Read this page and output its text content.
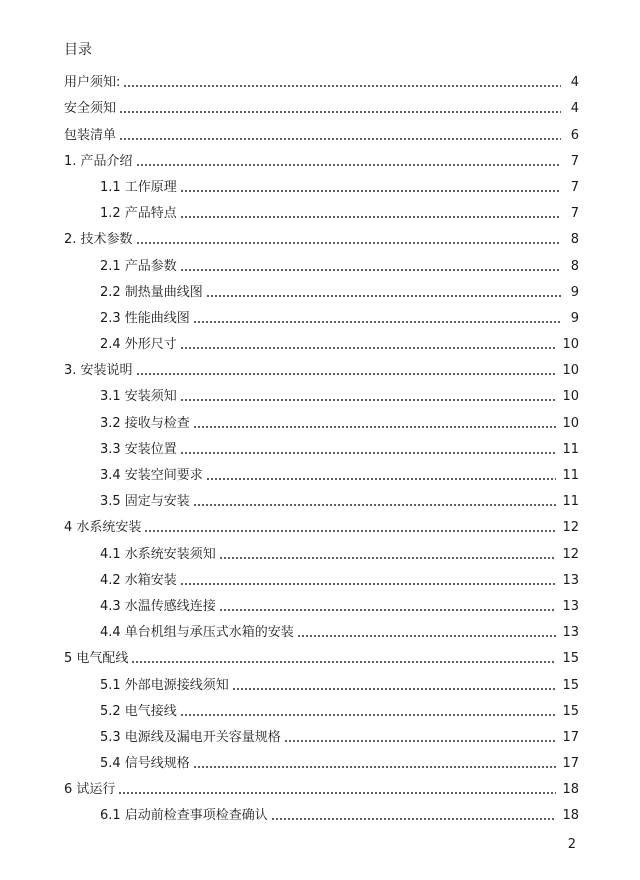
目录
用户须知:	4
安全须知	4
包装清单	6
1. 产品介绍	7
1.1 工作原理	7
1.2 产品特点	7
2. 技术参数	8
2.1 产品参数	8
2.2 制热量曲线图	9
2.3 性能曲线图	9
2.4 外形尺寸	10
3. 安装说明	10
3.1 安装须知	10
3.2 接收与检查	10
3.3 安装位置	11
3.4 安装空间要求	11
3.5 固定与安装	11
4 水系统安装	12
4.1 水系统安装须知	12
4.2 水箱安装	13
4.3 水温传感线连接	13
4.4 单台机组与承压式水箱的安装	13
5 电气配线	15
5.1 外部电源接线须知	15
5.2 电气接线	15
5.3 电源线及漏电开关容量规格	17
5.4 信号线规格	17
6 试运行	18
6.1 启动前检查事项检查确认	18
2
